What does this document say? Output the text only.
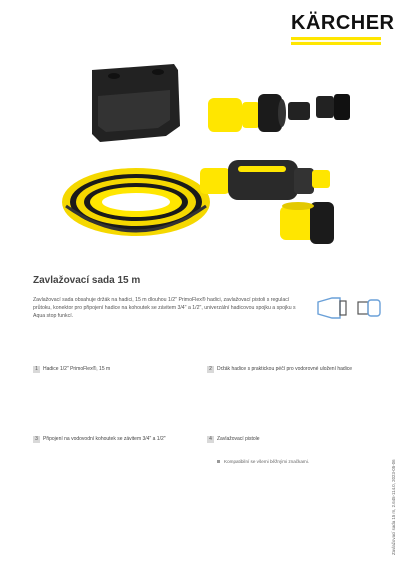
KÄRCHER
Zavlažovací sada 15 m
Zavlažovací sada obsahuje držák na hadici, 15 m dlouhou 1/2" PrimoFlex® hadici, zavlažovací pistoli s regulací průtoku, konektor pro připojení hadice na kohoutek se závitem 3/4" a 1/2", univerzální hadicovou spojku a spojku s Aqua stop funkcí.
1	Hadice 1/2" PrimoFlex®, 15 m	2	Držák hadice s praktickou péčí pro vodorovné uložení hadice
3	Připojení na vodovodní kohoutek se závitem 3/4" a 1/2"	4	Zavlažovací pistole
Kompatibilní se všemi běžnými značkami.	Zavlažovací sada 15 m, 2.645-114.0, 2023-05-06
